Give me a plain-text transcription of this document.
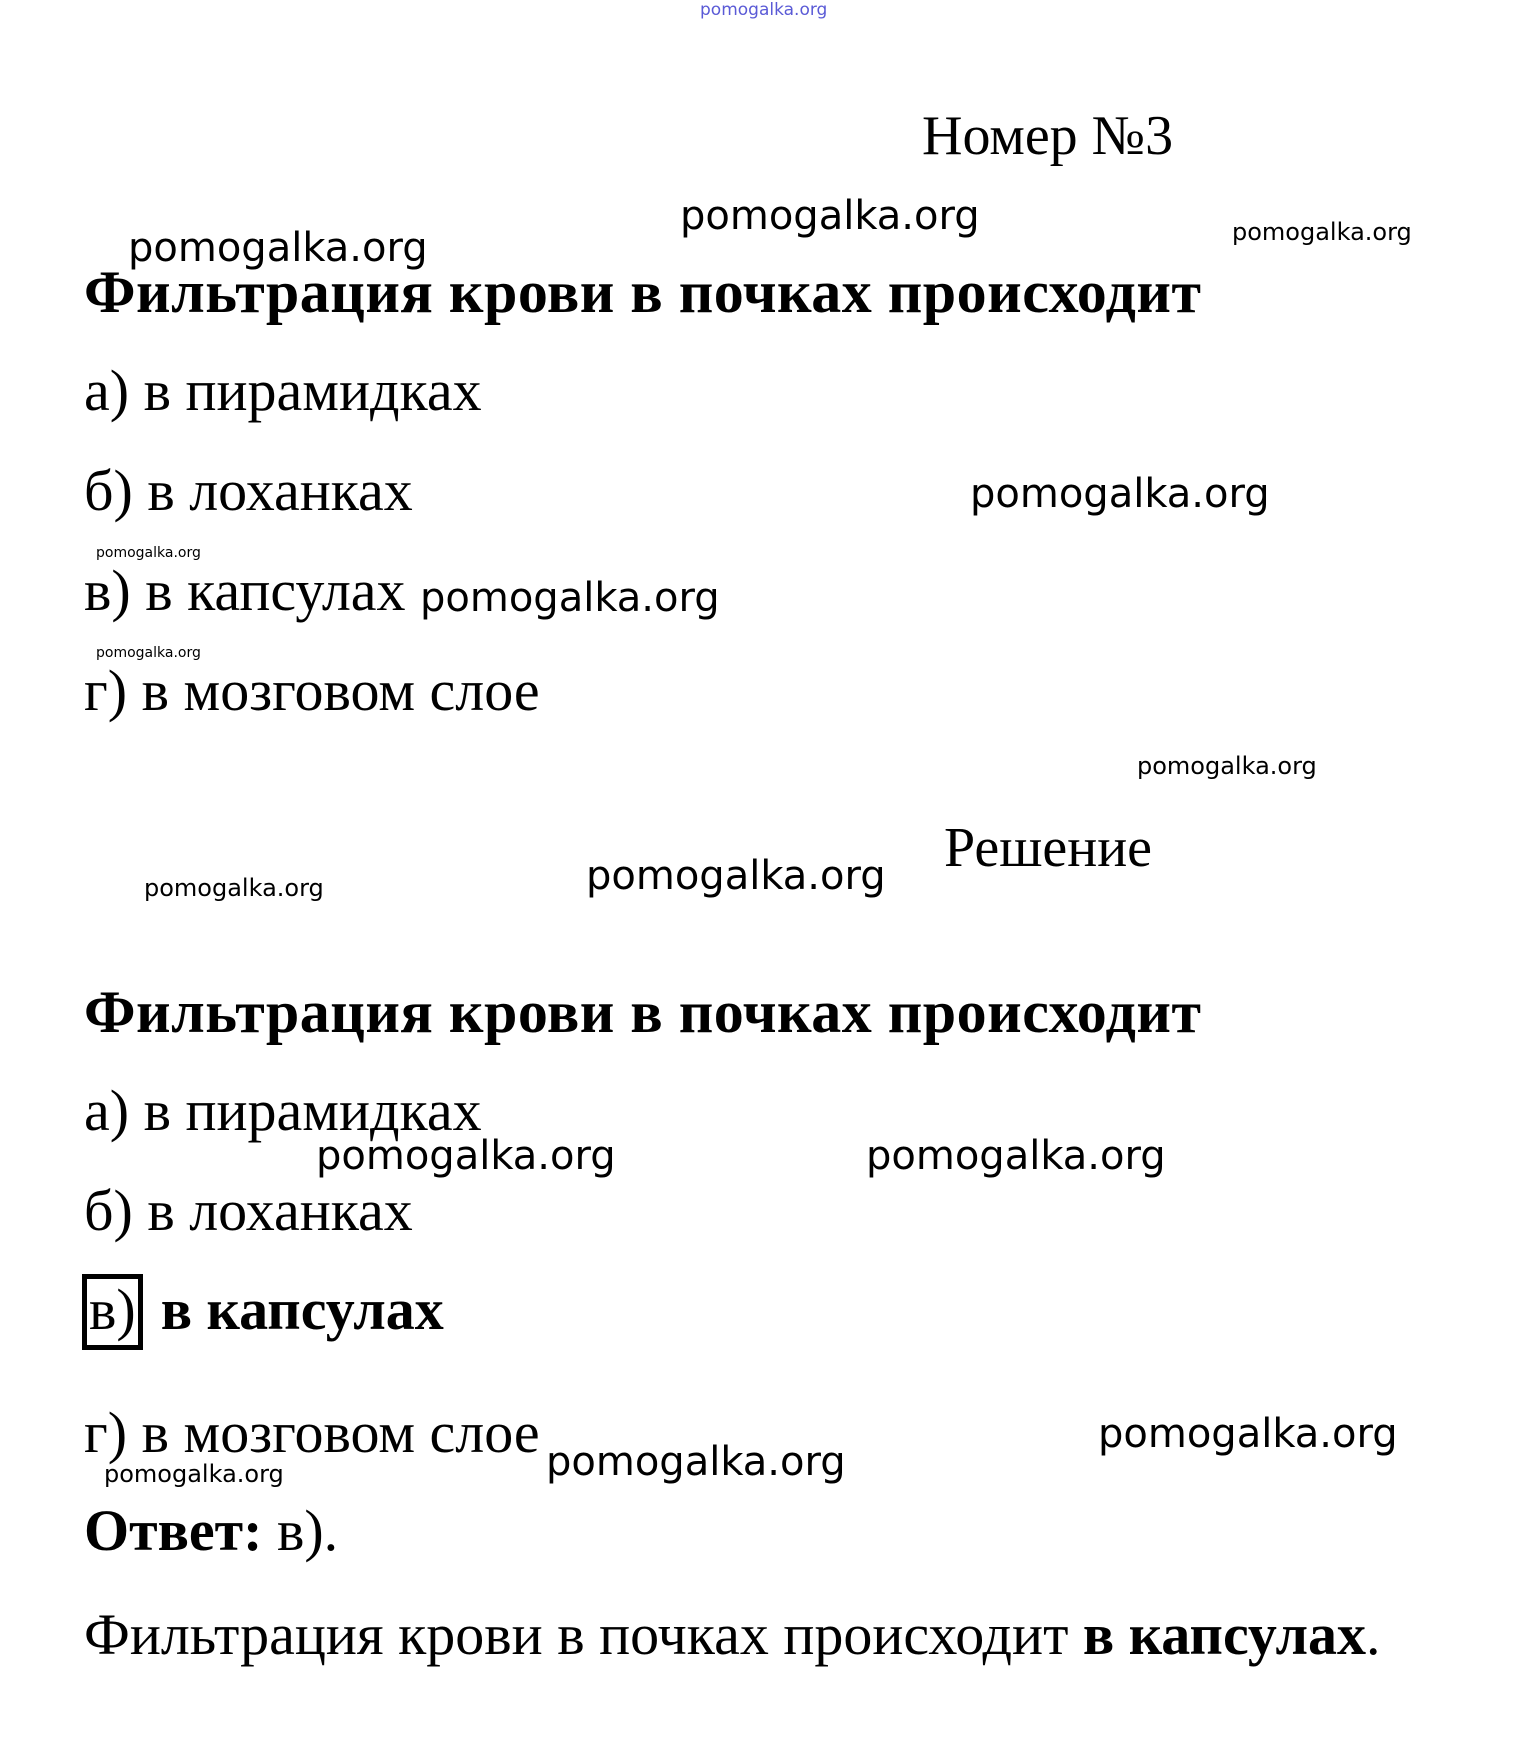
pomogalka.org
Номер №3
pomogalka.org	pomogalka.org
pomogalka.org
Фильтрация крови в почках происходит
а) в пирамидках
б) в лоханках	pomogalka.org
pomogalka.org
в) в капсулах pomogalka.org
pomogalka.org
г) в мозговом слое
pomogalka.org
Решение
pomogalka.org
pomogalka.org
Фильтрация крови в почках происходит
а) в пирамидках
pomogalka.org	pomogalka.org
б) в лоханках
в) в капсулах
г) в мозговом слое	pomogalka.org
pomogalka.org
pomogalka.org
Ответ: в).
Фильтрация крови в почках происходит в капсулах.
pomogalka.org
